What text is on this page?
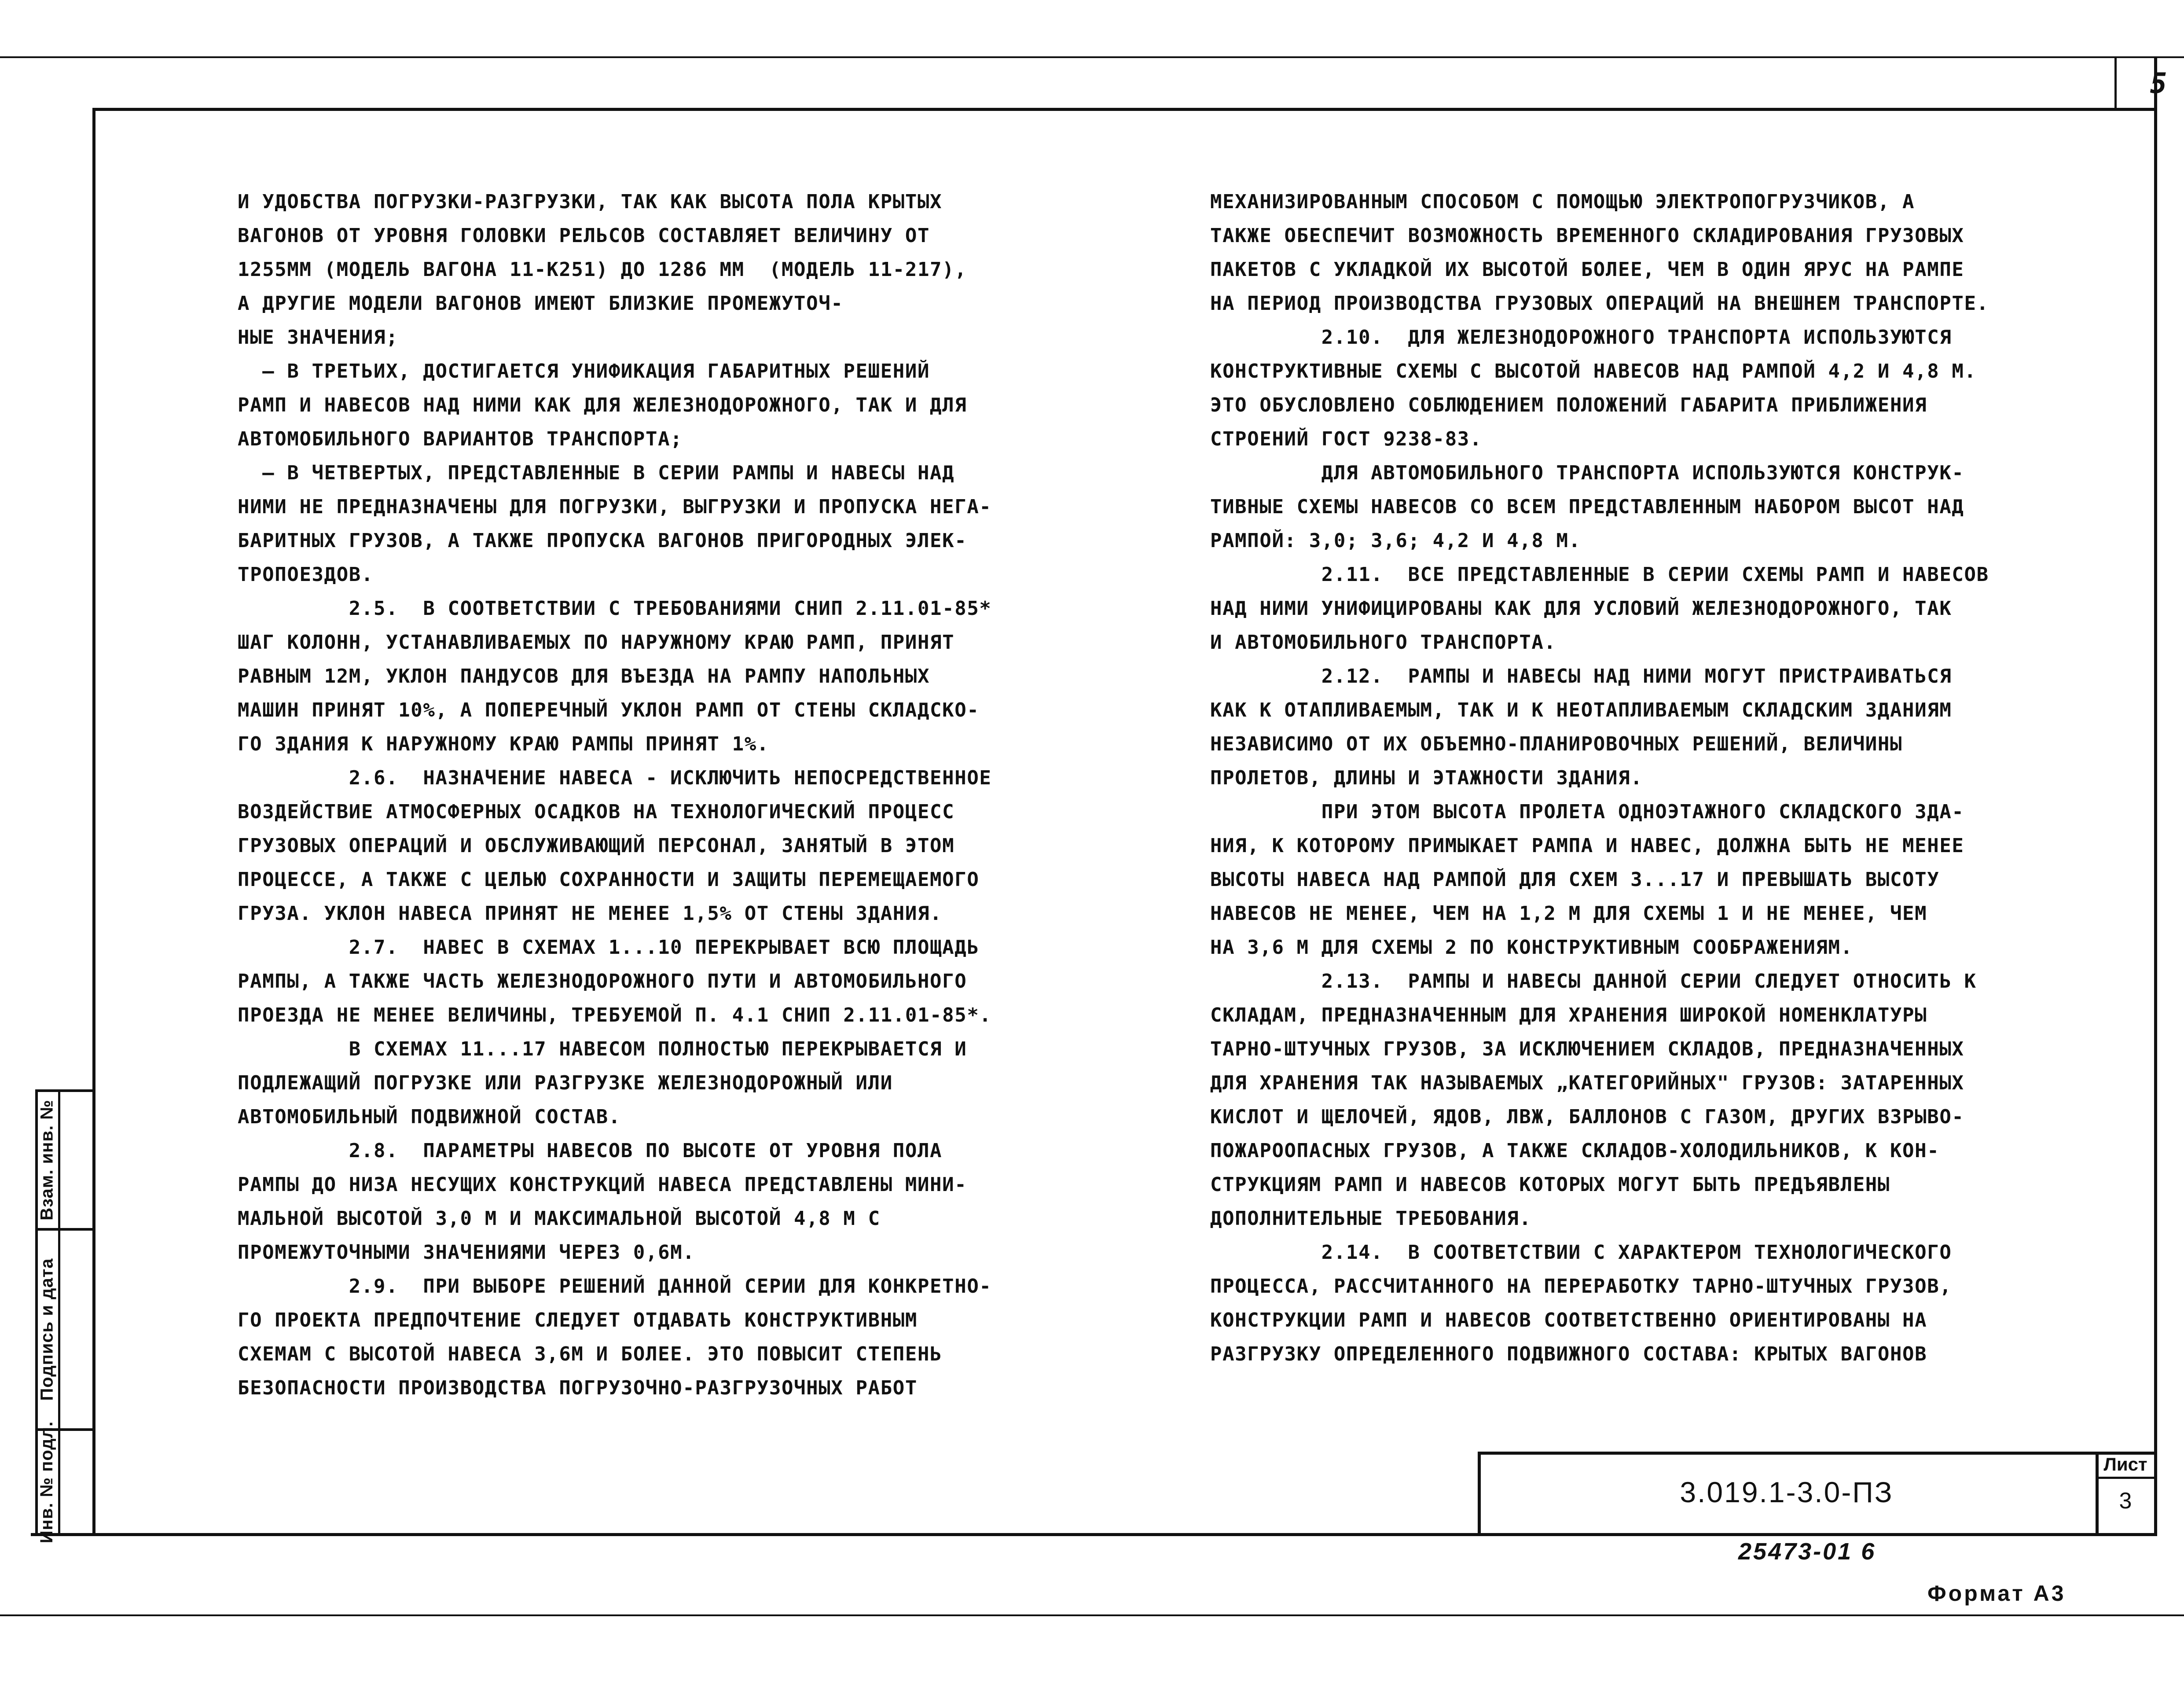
5
И УДОБСТВА ПОГРУЗКИ-РАЗГРУЗКИ, ТАК КАК ВЫСОТА ПОЛА КРЫТЫХ
ВАГОНОВ ОТ УРОВНЯ ГОЛОВКИ РЕЛЬСОВ СОСТАВЛЯЕТ ВЕЛИЧИНУ ОТ
1255ММ (МОДЕЛЬ ВАГОНА 11-К251) ДО 1286 ММ  (МОДЕЛЬ 11-217),
А ДРУГИЕ МОДЕЛИ ВАГОНОВ ИМЕЮТ БЛИЗКИЕ ПРОМЕЖУТОЧ-
НЫЕ ЗНАЧЕНИЯ;
– В ТРЕТЬИХ, ДОСТИГАЕТСЯ УНИФИКАЦИЯ ГАБАРИТНЫХ РЕШЕНИЙ
РАМП И НАВЕСОВ НАД НИМИ КАК ДЛЯ ЖЕЛЕЗНОДОРОЖНОГО, ТАК И ДЛЯ
АВТОМОБИЛЬНОГО ВАРИАНТОВ ТРАНСПОРТА;
– В ЧЕТВЕРТЫХ, ПРЕДСТАВЛЕННЫЕ В СЕРИИ РАМПЫ И НАВЕСЫ НАД
НИМИ НЕ ПРЕДНАЗНАЧЕНЫ ДЛЯ ПОГРУЗКИ, ВЫГРУЗКИ И ПРОПУСКА НЕГА-
БАРИТНЫХ ГРУЗОВ, А ТАКЖЕ ПРОПУСКА ВАГОНОВ ПРИГОРОДНЫХ ЭЛЕК-
ТРОПОЕЗДОВ.
2.5.  В СООТВЕТСТВИИ С ТРЕБОВАНИЯМИ СНИП 2.11.01-85*
ШАГ КОЛОНН, УСТАНАВЛИВАЕМЫХ ПО НАРУЖНОМУ КРАЮ РАМП, ПРИНЯТ
РАВНЫМ 12М, УКЛОН ПАНДУСОВ ДЛЯ ВЪЕЗДА НА РАМПУ НАПОЛЬНЫХ
МАШИН ПРИНЯТ 10%, А ПОПЕРЕЧНЫЙ УКЛОН РАМП ОТ СТЕНЫ СКЛАДСКО-
ГО ЗДАНИЯ К НАРУЖНОМУ КРАЮ РАМПЫ ПРИНЯТ 1%.
2.6.  НАЗНАЧЕНИЕ НАВЕСА - ИСКЛЮЧИТЬ НЕПОСРЕДСТВЕННОЕ
ВОЗДЕЙСТВИЕ АТМОСФЕРНЫХ ОСАДКОВ НА ТЕХНОЛОГИЧЕСКИЙ ПРОЦЕСС
ГРУЗОВЫХ ОПЕРАЦИЙ И ОБСЛУЖИВАЮЩИЙ ПЕРСОНАЛ, ЗАНЯТЫЙ В ЭТОМ
ПРОЦЕССЕ, А ТАКЖЕ С ЦЕЛЬЮ СОХРАННОСТИ И ЗАЩИТЫ ПЕРЕМЕЩАЕМОГО
ГРУЗА. УКЛОН НАВЕСА ПРИНЯТ НЕ МЕНЕЕ 1,5% ОТ СТЕНЫ ЗДАНИЯ.
2.7.  НАВЕС В СХЕМАХ 1...10 ПЕРЕКРЫВАЕТ ВСЮ ПЛОЩАДЬ
РАМПЫ, А ТАКЖЕ ЧАСТЬ ЖЕЛЕЗНОДОРОЖНОГО ПУТИ И АВТОМОБИЛЬНОГО
ПРОЕЗДА НЕ МЕНЕЕ ВЕЛИЧИНЫ, ТРЕБУЕМОЙ П. 4.1 СНИП 2.11.01-85*.
В СХЕМАХ 11...17 НАВЕСОМ ПОЛНОСТЬЮ ПЕРЕКРЫВАЕТСЯ И
ПОДЛЕЖАЩИЙ ПОГРУЗКЕ ИЛИ РАЗГРУЗКЕ ЖЕЛЕЗНОДОРОЖНЫЙ ИЛИ
АВТОМОБИЛЬНЫЙ ПОДВИЖНОЙ СОСТАВ.
2.8.  ПАРАМЕТРЫ НАВЕСОВ ПО ВЫСОТЕ ОТ УРОВНЯ ПОЛА
РАМПЫ ДО НИЗА НЕСУЩИХ КОНСТРУКЦИЙ НАВЕСА ПРЕДСТАВЛЕНЫ МИНИ-
МАЛЬНОЙ ВЫСОТОЙ 3,0 М И МАКСИМАЛЬНОЙ ВЫСОТОЙ 4,8 М С
ПРОМЕЖУТОЧНЫМИ ЗНАЧЕНИЯМИ ЧЕРЕЗ 0,6М.
2.9.  ПРИ ВЫБОРЕ РЕШЕНИЙ ДАННОЙ СЕРИИ ДЛЯ КОНКРЕТНО-
ГО ПРОЕКТА ПРЕДПОЧТЕНИЕ СЛЕДУЕТ ОТДАВАТЬ КОНСТРУКТИВНЫМ
СХЕМАМ С ВЫСОТОЙ НАВЕСА 3,6М И БОЛЕЕ. ЭТО ПОВЫСИТ СТЕПЕНЬ
БЕЗОПАСНОСТИ ПРОИЗВОДСТВА ПОГРУЗОЧНО-РАЗГРУЗОЧНЫХ РАБОТ
МЕХАНИЗИРОВАННЫМ СПОСОБОМ С ПОМОЩЬЮ ЭЛЕКТРОПОГРУЗЧИКОВ, А
ТАКЖЕ ОБЕСПЕЧИТ ВОЗМОЖНОСТЬ ВРЕМЕННОГО СКЛАДИРОВАНИЯ ГРУЗОВЫХ
ПАКЕТОВ С УКЛАДКОЙ ИХ ВЫСОТОЙ БОЛЕЕ, ЧЕМ В ОДИН ЯРУС НА РАМПЕ
НА ПЕРИОД ПРОИЗВОДСТВА ГРУЗОВЫХ ОПЕРАЦИЙ НА ВНЕШНЕМ ТРАНСПОРТЕ.
2.10.  ДЛЯ ЖЕЛЕЗНОДОРОЖНОГО ТРАНСПОРТА ИСПОЛЬЗУЮТСЯ
КОНСТРУКТИВНЫЕ СХЕМЫ С ВЫСОТОЙ НАВЕСОВ НАД РАМПОЙ 4,2 И 4,8 М.
ЭТО ОБУСЛОВЛЕНО СОБЛЮДЕНИЕМ ПОЛОЖЕНИЙ ГАБАРИТА ПРИБЛИЖЕНИЯ
СТРОЕНИЙ ГОСТ 9238-83.
ДЛЯ АВТОМОБИЛЬНОГО ТРАНСПОРТА ИСПОЛЬЗУЮТСЯ КОНСТРУК-
ТИВНЫЕ СХЕМЫ НАВЕСОВ СО ВСЕМ ПРЕДСТАВЛЕННЫМ НАБОРОМ ВЫСОТ НАД
РАМПОЙ: 3,0; 3,6; 4,2 И 4,8 М.
2.11.  ВСЕ ПРЕДСТАВЛЕННЫЕ В СЕРИИ СХЕМЫ РАМП И НАВЕСОВ
НАД НИМИ УНИФИЦИРОВАНЫ КАК ДЛЯ УСЛОВИЙ ЖЕЛЕЗНОДОРОЖНОГО, ТАК
И АВТОМОБИЛЬНОГО ТРАНСПОРТА.
2.12.  РАМПЫ И НАВЕСЫ НАД НИМИ МОГУТ ПРИСТРАИВАТЬСЯ
КАК К ОТАПЛИВАЕМЫМ, ТАК И К НЕОТАПЛИВАЕМЫМ СКЛАДСКИМ ЗДАНИЯМ
НЕЗАВИСИМО ОТ ИХ ОБЪЕМНО-ПЛАНИРОВОЧНЫХ РЕШЕНИЙ, ВЕЛИЧИНЫ
ПРОЛЕТОВ, ДЛИНЫ И ЭТАЖНОСТИ ЗДАНИЯ.
ПРИ ЭТОМ ВЫСОТА ПРОЛЕТА ОДНОЭТАЖНОГО СКЛАДСКОГО ЗДА-
НИЯ, К КОТОРОМУ ПРИМЫКАЕТ РАМПА И НАВЕС, ДОЛЖНА БЫТЬ НЕ МЕНЕЕ
ВЫСОТЫ НАВЕСА НАД РАМПОЙ ДЛЯ СХЕМ 3...17 И ПРЕВЫШАТЬ ВЫСОТУ
НАВЕСОВ НЕ МЕНЕЕ, ЧЕМ НА 1,2 М ДЛЯ СХЕМЫ 1 И НЕ МЕНЕЕ, ЧЕМ
НА 3,6 М ДЛЯ СХЕМЫ 2 ПО КОНСТРУКТИВНЫМ СООБРАЖЕНИЯМ.
2.13.  РАМПЫ И НАВЕСЫ ДАННОЙ СЕРИИ СЛЕДУЕТ ОТНОСИТЬ К
СКЛАДАМ, ПРЕДНАЗНАЧЕННЫМ ДЛЯ ХРАНЕНИЯ ШИРОКОЙ НОМЕНКЛАТУРЫ
ТАРНО-ШТУЧНЫХ ГРУЗОВ, ЗА ИСКЛЮЧЕНИЕМ СКЛАДОВ, ПРЕДНАЗНАЧЕННЫХ
ДЛЯ ХРАНЕНИЯ ТАК НАЗЫВАЕМЫХ „КАТЕГОРИЙНЫХ" ГРУЗОВ: ЗАТАРЕННЫХ
КИСЛОТ И ЩЕЛОЧЕЙ, ЯДОВ, ЛВЖ, БАЛЛОНОВ С ГАЗОМ, ДРУГИХ ВЗРЫВО-
ПОЖАРООПАСНЫХ ГРУЗОВ, А ТАКЖЕ СКЛАДОВ-ХОЛОДИЛЬНИКОВ, К КОН-
СТРУКЦИЯМ РАМП И НАВЕСОВ КОТОРЫХ МОГУТ БЫТЬ ПРЕДЪЯВЛЕНЫ
ДОПОЛНИТЕЛЬНЫЕ ТРЕБОВАНИЯ.
2.14.  В СООТВЕТСТВИИ С ХАРАКТЕРОМ ТЕХНОЛОГИЧЕСКОГО
ПРОЦЕССА, РАССЧИТАННОГО НА ПЕРЕРАБОТКУ ТАРНО-ШТУЧНЫХ ГРУЗОВ,
КОНСТРУКЦИИ РАМП И НАВЕСОВ СООТВЕТСТВЕННО ОРИЕНТИРОВАНЫ НА
РАЗГРУЗКУ ОПРЕДЕЛЕННОГО ПОДВИЖНОГО СОСТАВА: КРЫТЫХ ВАГОНОВ
Взам. инв. №
Подпись и дата
Инв. № подл.	3.019.1-3.0-ПЗ
Лист
3
25473-01 6
Формат А3
